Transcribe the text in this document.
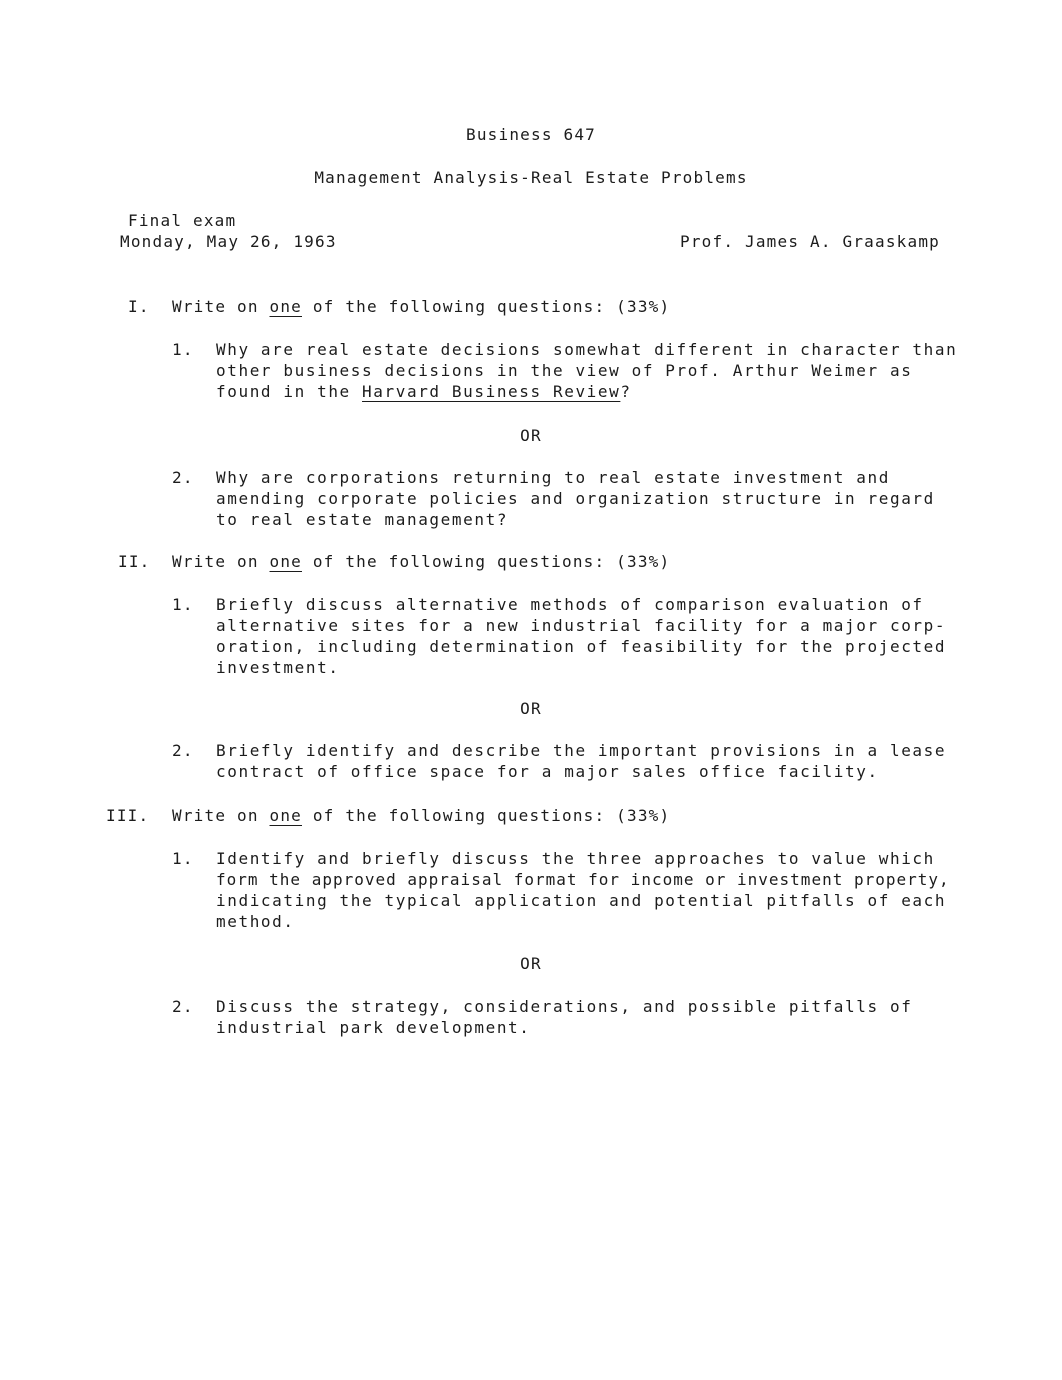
Business 647
Management Analysis-Real Estate Problems
Final exam
Monday, May 26, 1963	Prof. James A. Graaskamp
I. Write on one of the following questions: (33%)
1. Why are real estate decisions somewhat different in character than
other business decisions in the view of Prof. Arthur Weimer as
found in the Harvard Business Review?
OR
2. Why are corporations returning to real estate investment and
amending corporate policies and organization structure in regard
to real estate management?
II. Write on one of the following questions: (33%)
1. Briefly discuss alternative methods of comparison evaluation of
alternative sites for a new industrial facility for a major corp-
oration, including determination of feasibility for the projected
investment.
OR
2. Briefly identify and describe the important provisions in a lease
contract of office space for a major sales office facility.
III. Write on one of the following questions: (33%)
1. Identify and briefly discuss the three approaches to value which
form the approved appraisal format for income or investment property,
indicating the typical application and potential pitfalls of each
method.
OR
2. Discuss the strategy, considerations, and possible pitfalls of
industrial park development.
